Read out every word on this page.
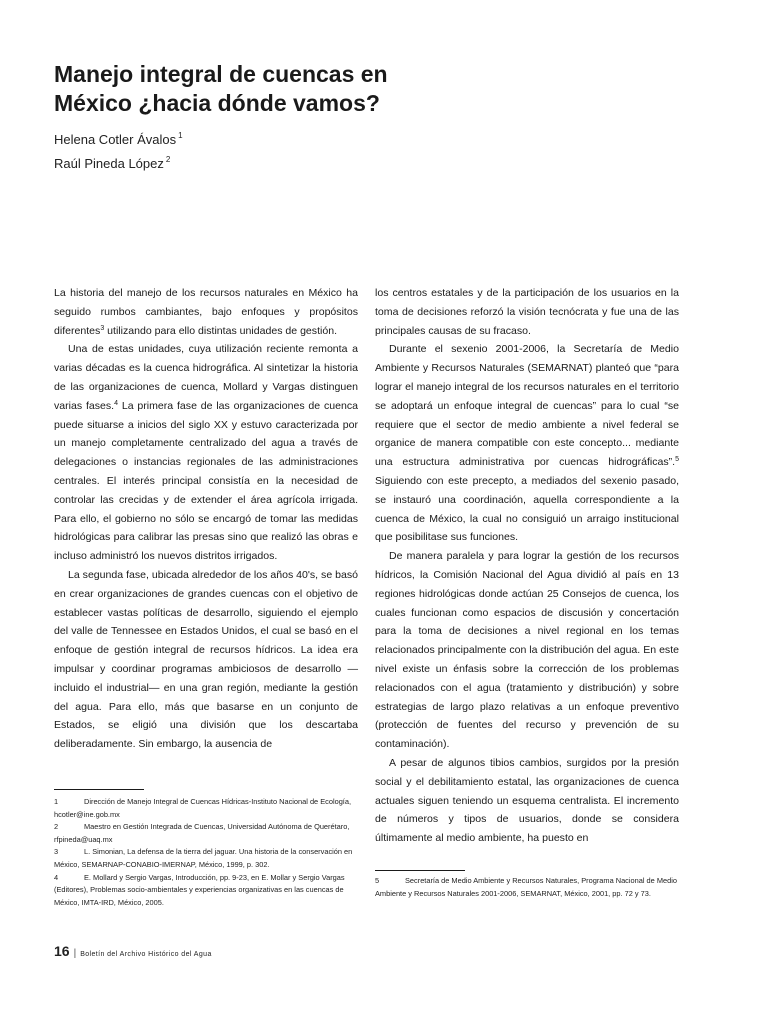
Manejo integral de cuencas en
México ¿hacia dónde vamos?
Helena Cotler Ávalos $^1$
Raúl Pineda López $^2$

La historia del manejo de los recursos naturales en México ha seguido rumbos cambiantes, bajo enfoques y propósitos diferentes$^3$ utilizando para ello distintas unidades de gestión.

Una de estas unidades, cuya utilización reciente remonta a varias décadas es la cuenca hidrográfica. Al sintetizar la historia de las organizaciones de cuenca, Mollard y Vargas distinguen varias fases.$^4$ La primera fase de las organizaciones de cuenca puede situarse a inicios del siglo XX y estuvo caracterizada por un manejo completamente centralizado del agua a través de delegaciones o instancias regionales de las administraciones centrales. El interés principal consistía en la necesidad de controlar las crecidas y de extender el área agrícola irrigada. Para ello, el gobierno no sólo se encargó de tomar las medidas hidrológicas para calibrar las presas sino que realizó las obras e incluso administró los nuevos distritos irrigados.

La segunda fase, ubicada alrededor de los años 40's, se basó en crear organizaciones de grandes cuencas con el objetivo de establecer vastas políticas de desarrollo, siguiendo el ejemplo del valle de Tennessee en Estados Unidos, el cual se basó en el enfoque de gestión integral de recursos hídricos. La idea era impulsar y coordinar programas ambiciosos de desarrollo —incluido el industrial— en una gran región, mediante la gestión del agua. Para ello, más que basarse en un conjunto de Estados, se eligió una división que los descartaba deliberadamente. Sin embargo, la ausencia de

los centros estatales y de la participación de los usuarios en la toma de decisiones reforzó la visión tecnócrata y fue una de las principales causas de su fracaso.

Durante el sexenio 2001-2006, la Secretaría de Medio Ambiente y Recursos Naturales (SEMARNAT) planteó que “para lograr el manejo integral de los recursos naturales en el territorio se adoptará un enfoque integral de cuencas” para lo cual “se requiere que el sector de medio ambiente a nivel federal se organice de manera compatible con este concepto... mediante una estructura administrativa por cuencas hidrográficas”.$^5$ Siguiendo con este precepto, a mediados del sexenio pasado, se instauró una coordinación, aquella correspondiente a la cuenca de México, la cual no consiguió un arraigo institucional que posibilitase sus funciones.

De manera paralela y para lograr la gestión de los recursos hídricos, la Comisión Nacional del Agua dividió al país en 13 regiones hidrológicas donde actúan 25 Consejos de cuenca, los cuales funcionan como espacios de discusión y concertación para la toma de decisiones a nivel regional en los temas relacionados principalmente con la distribución del agua. En este nivel existe un énfasis sobre la corrección de los problemas relacionados con el agua (tratamiento y distribución) y sobre estrategias de largo plazo relativas a un enfoque preventivo (protección de fuentes del recurso y prevención de su contaminación).

A pesar de algunos tibios cambios, surgidos por la presión social y el debilitamiento estatal, las organizaciones de cuenca actuales siguen teniendo un esquema centralista. El incremento de números y tipos de usuarios, donde se considera últimamente al medio ambiente, ha puesto en

1	Dirección de Manejo Integral de Cuencas Hídricas-Instituto Nacional de Ecología, hcotler@ine.gob.mx

2	Maestro en Gestión Integrada de Cuencas, Universidad Autónoma de Querétaro, rfpineda@uaq.mx

3	L. Simonian, La defensa de la tierra del jaguar. Una historia de la conservación en México, SEMARNAP-CONABIO-IMERNAP, México, 1999, p. 302.

4	E. Mollard y Sergio Vargas, Introducción, pp. 9-23, en E. Mollar y Sergio Vargas (Editores), Problemas socio-ambientales y experiencias organizativas en las cuencas de México, IMTA-IRD, México, 2005.

5	Secretaría de Medio Ambiente y Recursos Naturales, Programa Nacional de Medio Ambiente y Recursos Naturales 2001-2006, SEMARNAT, México, 2001, pp. 72 y 73.

16 | Boletín del Archivo Histórico del Agua
